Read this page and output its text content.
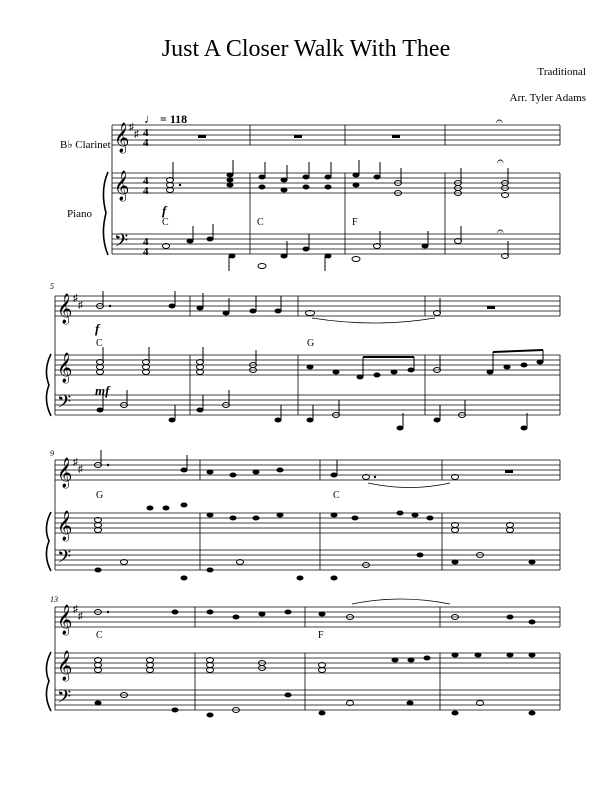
Just A Closer Walk With Thee
Traditional
Arr. Tyler Adams
♩ = 118
B♭ Clarinet
Piano
5
9
13
C	C	F
f
C	G
f
mf
G	C
C	F
𝄞
𝄞
𝄢
♯
♯ 4
4
4
4
4
4
𝄐
𝄐
𝄐
𝄞
𝄞
𝄢
♯
♯
𝄞
𝄞
𝄢
♯
♯
𝄞
𝄞
𝄢
♯
♯
